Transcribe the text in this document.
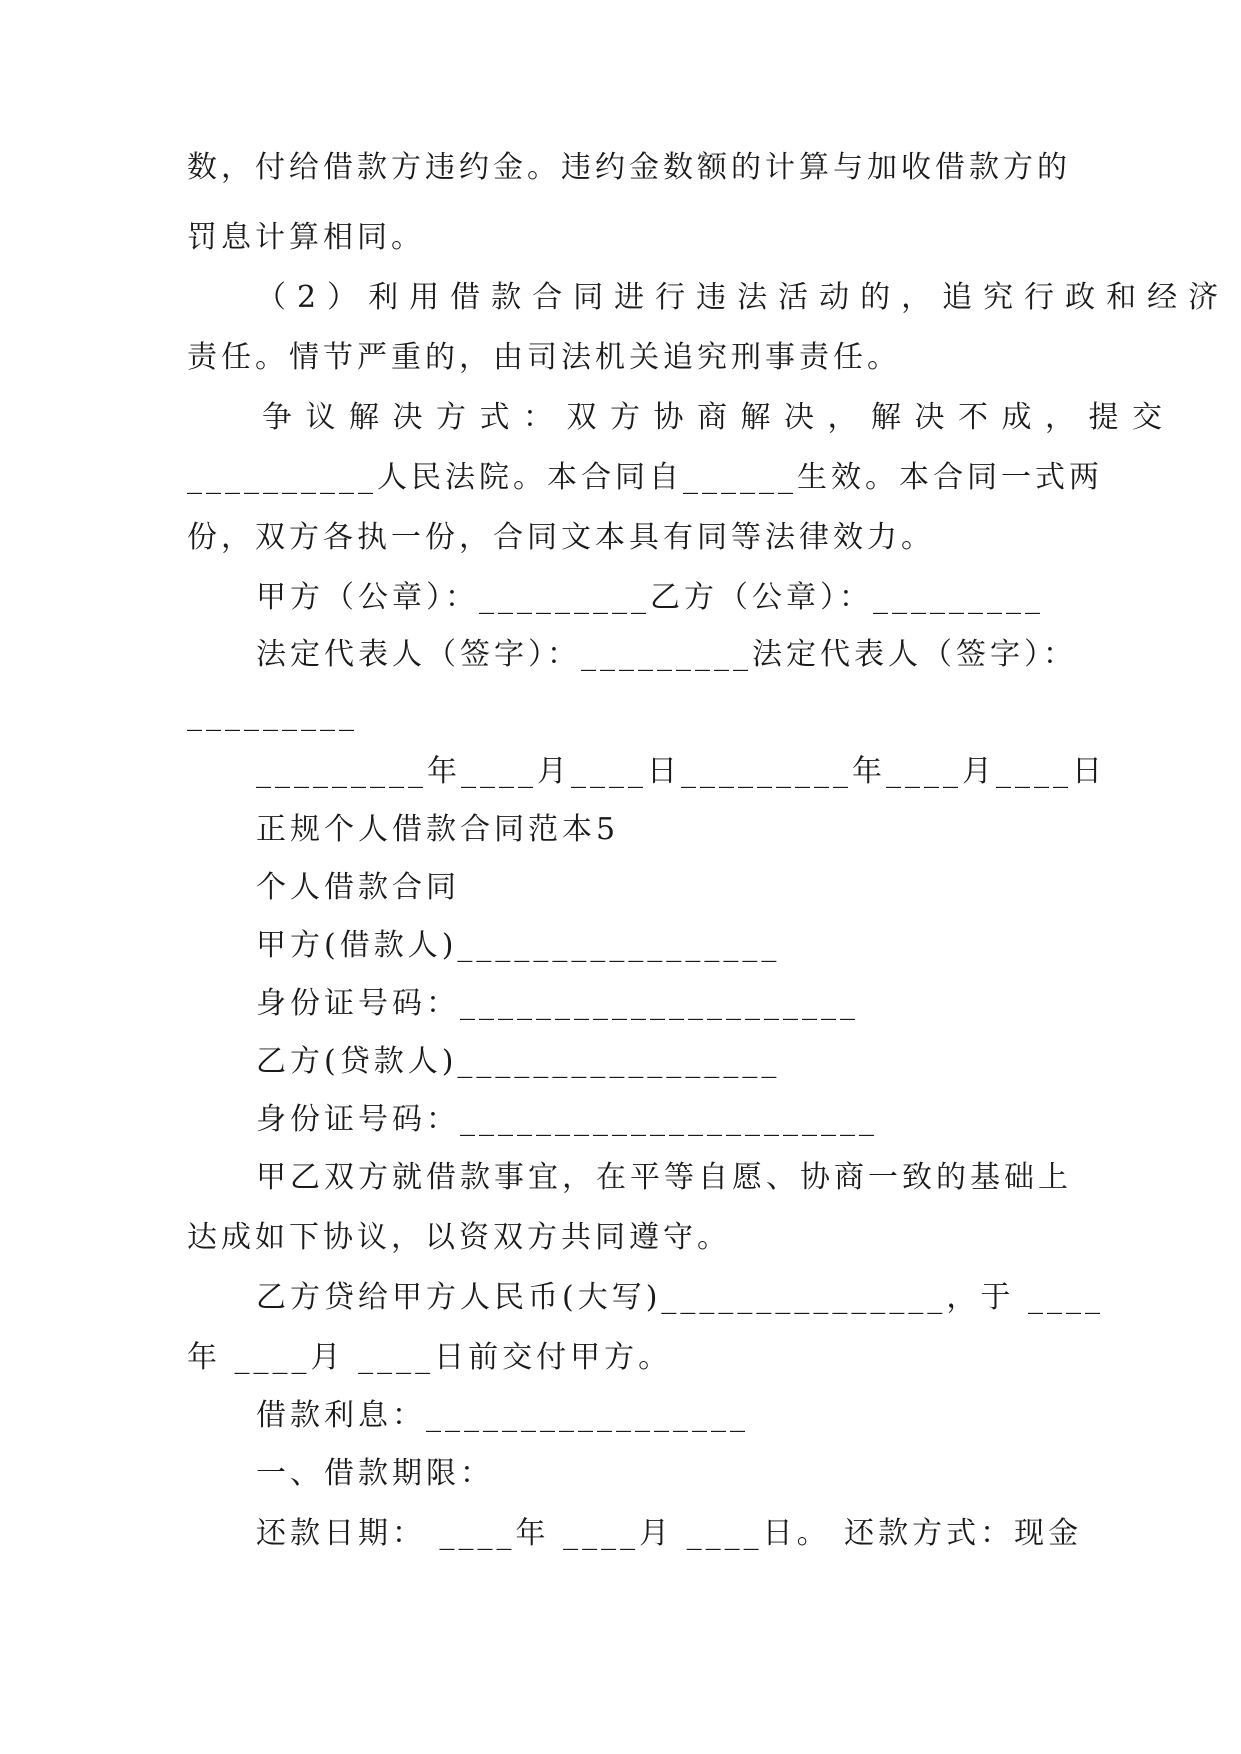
数，付给借款方违约金。违约金数额的计算与加收借款方的
罚息计算相同。
（2）利用借款合同进行违法活动的，追究行政和经济
责任。情节严重的，由司法机关追究刑事责任。
争议解决方式：双方协商解决，解决不成，提交
__________人民法院。本合同自______生效。本合同一式两
份，双方各执一份，合同文本具有同等法律效力。
甲方（公章）：_________乙方（公章）：_________
法定代表人（签字）：_________法定代表人（签字）：
_________
_________年____月____日_________年____月____日
正规个人借款合同范本5
个人借款合同
甲方(借款人)_________________
身份证号码：_____________________
乙方(贷款人)_________________
身份证号码：______________________
甲乙双方就借款事宜，在平等自愿、协商一致的基础上
达成如下协议，以资双方共同遵守。
乙方贷给甲方人民币(大写)_______________，于 ____
年 ____月 ____日前交付甲方。
借款利息：_________________
一、借款期限：
还款日期： ____年 ____月 ____日。 还款方式：现金
